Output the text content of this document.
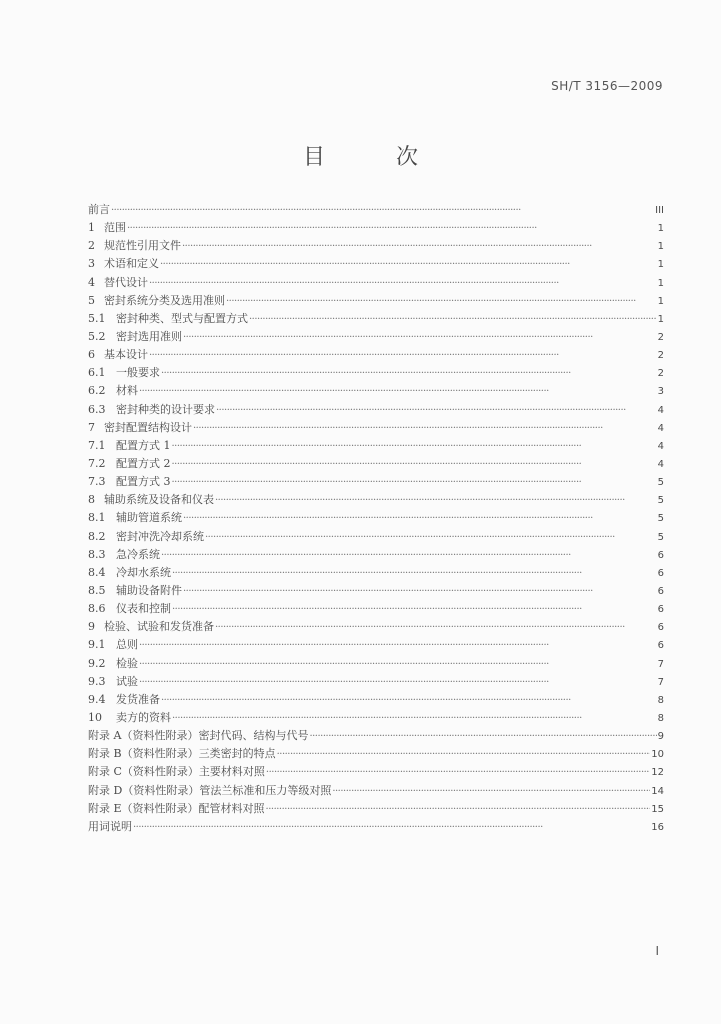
SH/T 3156—2009
目 次
前言 ·····	III
1 范围 ·····	1
2 规范性引用文件 ·····	1
3 术语和定义 ·····	1
4 替代设计 ·····	1
5 密封系统分类及选用准则 ·····	1
5.1 密封种类、型式与配置方式 ·····	1
5.2 密封选用准则 ·····	2
6 基本设计 ·····	2
6.1 一般要求 ·····	2
6.2 材料 ·····	3
6.3 密封种类的设计要求 ·····	4
7 密封配置结构设计 ·····	4
7.1 配置方式 1 ·····	4
7.2 配置方式 2 ·····	4
7.3 配置方式 3 ·····	5
8 辅助系统及设备和仪表 ·····	5
8.1 辅助管道系统 ·····	5
8.2 密封冲洗冷却系统 ·····	5
8.3 急冷系统 ·····	6
8.4 冷却水系统 ·····	6
8.5 辅助设备附件 ·····	6
8.6 仪表和控制 ·····	6
9 检验、试验和发货准备 ·····	6
9.1 总则 ·····	6
9.2 检验 ·····	7
9.3 试验 ·····	7
9.4 发货准备 ·····	8
10 卖方的资料 ·····	8
附录 A（资料性附录）密封代码、结构与代号 ·····	9
附录 B（资料性附录）三类密封的特点 ·····	10
附录 C（资料性附录）主要材料对照 ·····	12
附录 D（资料性附录）管法兰标准和压力等级对照 ·····	14
附录 E（资料性附录）配管材料对照 ·····	15
用词说明 ·····	16
I
